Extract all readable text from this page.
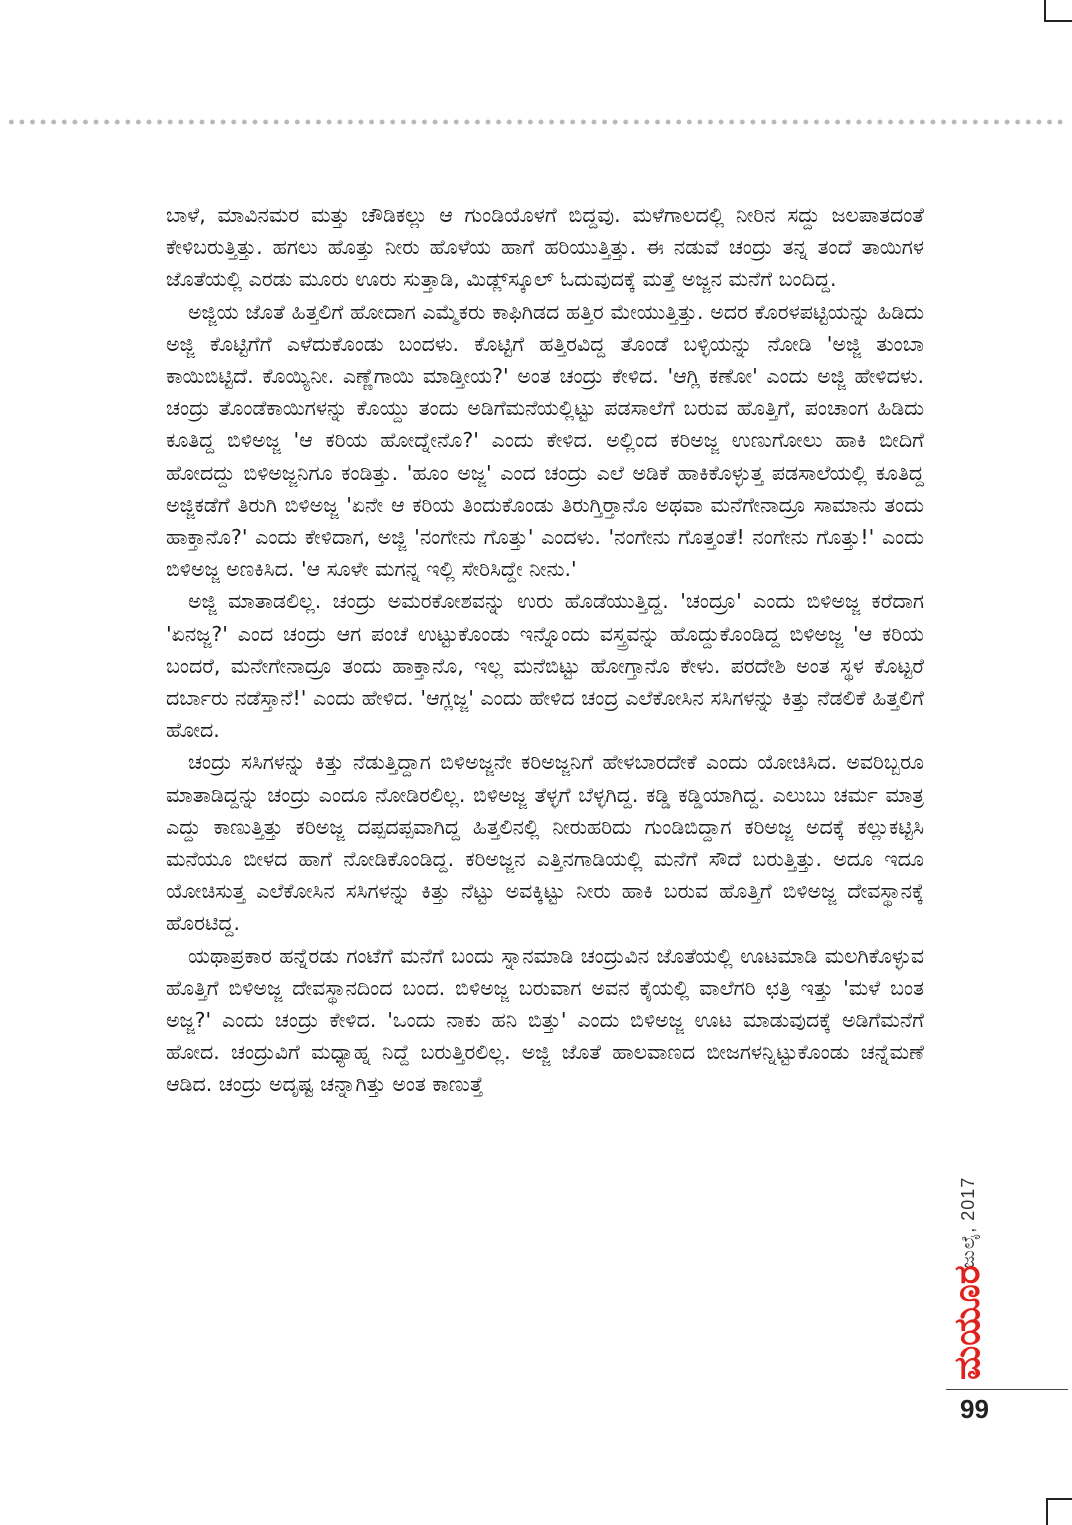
ಬಾಳೆ, ಮಾವಿನಮರ ಮತ್ತು ಚೌಡಿಕಲ್ಲು ಆ ಗುಂಡಿಯೊಳಗೆ ಬಿದ್ದವು. ಮಳೆಗಾಲದಲ್ಲಿ ನೀರಿನ ಸದ್ದು ಜಲಪಾತದಂತೆ ಕೇಳಿಬರುತ್ತಿತ್ತು. ಹಗಲು ಹೊತ್ತು ನೀರು ಹೊಳೆಯ ಹಾಗೆ ಹರಿಯುತ್ತಿತ್ತು. ಈ ನಡುವೆ ಚಂದ್ರು ತನ್ನ ತಂದೆ ತಾಯಿಗಳ ಜೊತೆಯಲ್ಲಿ ಎರಡು ಮೂರು ಊರು ಸುತ್ತಾಡಿ, ಮಿಡ್ಲ್‌ಸ್ಕೂಲ್ ಓದುವುದಕ್ಕೆ ಮತ್ತೆ ಅಜ್ಜನ ಮನೆಗೆ ಬಂದಿದ್ದ.

ಅಜ್ಜಿಯ ಜೊತೆ ಹಿತ್ತಲಿಗೆ ಹೋದಾಗ ಎಮ್ಮೆಕರು ಕಾಫಿಗಿಡದ ಹತ್ತಿರ ಮೇಯುತ್ತಿತ್ತು. ಅದರ ಕೊರಳಪಟ್ಟಿಯನ್ನು ಹಿಡಿದು ಅಜ್ಜಿ ಕೊಟ್ಟಿಗೆಗೆ ಎಳೆದುಕೊಂಡು ಬಂದಳು. ಕೊಟ್ಟಿಗೆ ಹತ್ತಿರವಿದ್ದ ತೊಂಡೆ ಬಳ್ಳಿಯನ್ನು ನೋಡಿ 'ಅಜ್ಜಿ ತುಂಬಾ ಕಾಯಿಬಿಟ್ಟಿದೆ. ಕೊಯ್ಯಿನೀ. ಎಣ್ಣೆಗಾಯಿ ಮಾಡ್ತೀಯ?' ಅಂತ ಚಂದ್ರು ಕೇಳಿದ. 'ಆಗ್ಲಿ ಕಣೋ' ಎಂದು ಅಜ್ಜಿ ಹೇಳಿದಳು. ಚಂದ್ರು ತೊಂಡೆಕಾಯಿಗಳನ್ನು ಕೊಯ್ದು ತಂದು ಅಡಿಗೆಮನೆಯಲ್ಲಿಟ್ಟು ಪಡಸಾಲೆಗೆ ಬರುವ ಹೊತ್ತಿಗೆ, ಪಂಚಾಂಗ ಹಿಡಿದು ಕೂತಿದ್ದ ಬಿಳಿಅಜ್ಜ 'ಆ ಕರಿಯ ಹೋದ್ನೇನೊ?' ಎಂದು ಕೇಳಿದ. ಅಲ್ಲಿಂದ ಕರಿಅಜ್ಜ ಉಣುಗೋಲು ಹಾಕಿ ಬೀದಿಗೆ ಹೋದದ್ದು ಬಿಳಿಅಜ್ಜನಿಗೂ ಕಂಡಿತ್ತು. 'ಹೂಂ ಅಜ್ಜ' ಎಂದ ಚಂದ್ರು ಎಲೆ ಅಡಿಕೆ ಹಾಕಿಕೊಳ್ಳುತ್ತ ಪಡಸಾಲೆಯಲ್ಲಿ ಕೂತಿದ್ದ ಅಜ್ಜಿಕಡೆಗೆ ತಿರುಗಿ ಬಿಳಿಅಜ್ಜ 'ಏನೇ ಆ ಕರಿಯ ತಿಂದುಕೊಂಡು ತಿರುಗ್ತಿರ್‍ತಾನೊ ಅಥವಾ ಮನೆಗೇನಾದ್ರೂ ಸಾಮಾನು ತಂದು ಹಾಕ್ತಾನೊ?' ಎಂದು ಕೇಳಿದಾಗ, ಅಜ್ಜಿ 'ನಂಗೇನು ಗೊತ್ತು' ಎಂದಳು. 'ನಂಗೇನು ಗೊತ್ತಂತೆ! ನಂಗೇನು ಗೊತ್ತು!' ಎಂದು ಬಿಳಿಅಜ್ಜ ಅಣಕಿಸಿದ. 'ಆ ಸೂಳೇ ಮಗನ್ನ ಇಲ್ಲಿ ಸೇರಿಸಿದ್ದೇ ನೀನು.'

ಅಜ್ಜಿ ಮಾತಾಡಲಿಲ್ಲ. ಚಂದ್ರು ಅಮರಕೋಶವನ್ನು ಉರು ಹೊಡೆಯುತ್ತಿದ್ದ. 'ಚಂದ್ರೂ' ಎಂದು ಬಿಳಿಅಜ್ಜ ಕರೆದಾಗ 'ಏನಜ್ಜ?' ಎಂದ ಚಂದ್ರು ಆಗ ಪಂಚೆ ಉಟ್ಟುಕೊಂಡು ಇನ್ನೊಂದು ವಸ್ತ್ರವನ್ನು ಹೊದ್ದುಕೊಂಡಿದ್ದ ಬಿಳಿಅಜ್ಜ 'ಆ ಕರಿಯ ಬಂದರೆ, ಮನೇಗೇನಾದ್ರೂ ತಂದು ಹಾಕ್ತಾನೊ, ಇಲ್ಲ ಮನೆಬಿಟ್ಟು ಹೋಗ್ತಾನೊ ಕೇಳು. ಪರದೇಶಿ ಅಂತ ಸ್ಥಳ ಕೊಟ್ಟರೆ ದರ್ಬಾರು ನಡೆಸ್ತಾನೆ!' ಎಂದು ಹೇಳಿದ. 'ಆಗ್ಲಜ್ಜ' ಎಂದು ಹೇಳಿದ ಚಂದ್ರ ಎಲೆಕೋಸಿನ ಸಸಿಗಳನ್ನು ಕಿತ್ತು ನೆಡಲಿಕೆ ಹಿತ್ತಲಿಗೆ ಹೋದ.

ಚಂದ್ರು ಸಸಿಗಳನ್ನು ಕಿತ್ತು ನೆಡುತ್ತಿದ್ದಾಗ ಬಿಳಿಅಜ್ಜನೇ ಕರಿಅಜ್ಜನಿಗೆ ಹೇಳಬಾರದೇಕೆ ಎಂದು ಯೋಚಿಸಿದ. ಅವರಿಬ್ಬರೂ ಮಾತಾಡಿದ್ದನ್ನು ಚಂದ್ರು ಎಂದೂ ನೋಡಿರಲಿಲ್ಲ. ಬಿಳಿಅಜ್ಜ ತೆಳ್ಳಗೆ ಬೆಳ್ಳಗಿದ್ದ. ಕಡ್ಡಿ ಕಡ್ಡಿಯಾಗಿದ್ದ. ಎಲುಬು ಚರ್ಮ ಮಾತ್ರ ಎದ್ದು ಕಾಣುತ್ತಿತ್ತು ಕರಿಅಜ್ಜ ದಪ್ಪದಪ್ಪವಾಗಿದ್ದ ಹಿತ್ತಲಿನಲ್ಲಿ ನೀರುಹರಿದು ಗುಂಡಿಬಿದ್ದಾಗ ಕರಿಅಜ್ಜ ಅದಕ್ಕೆ ಕಲ್ಲುಕಟ್ಟಿಸಿ ಮನೆಯೂ ಬೀಳದ ಹಾಗೆ ನೋಡಿಕೊಂಡಿದ್ದ. ಕರಿಅಜ್ಜನ ಎತ್ತಿನಗಾಡಿಯಲ್ಲಿ ಮನೆಗೆ ಸೌದೆ ಬರುತ್ತಿತ್ತು. ಅದೂ ಇದೂ ಯೋಚಿಸುತ್ತ ಎಲೆಕೋಸಿನ ಸಸಿಗಳನ್ನು ಕಿತ್ತು ನೆಟ್ಟು ಅವಕ್ಕಿಟ್ಟು ನೀರು ಹಾಕಿ ಬರುವ ಹೊತ್ತಿಗೆ ಬಿಳಿಅಜ್ಜ ದೇವಸ್ಥಾನಕ್ಕೆ ಹೊರಟಿದ್ದ.

ಯಥಾಪ್ರಕಾರ ಹನ್ನೆರಡು ಗಂಟೆಗೆ ಮನೆಗೆ ಬಂದು ಸ್ನಾನಮಾಡಿ ಚಂದ್ರುವಿನ ಜೊತೆಯಲ್ಲಿ ಊಟಮಾಡಿ ಮಲಗಿಕೊಳ್ಳುವ ಹೊತ್ತಿಗೆ ಬಿಳಿಅಜ್ಜ ದೇವಸ್ಥಾನದಿಂದ ಬಂದ. ಬಿಳಿಅಜ್ಜ ಬರುವಾಗ ಅವನ ಕೈಯಲ್ಲಿ ವಾಲೆಗರಿ ಛತ್ರಿ ಇತ್ತು 'ಮಳೆ ಬಂತ ಅಜ್ಜ?' ಎಂದು ಚಂದ್ರು ಕೇಳಿದ. 'ಒಂದು ನಾಕು ಹನಿ ಬಿತ್ತು' ಎಂದು ಬಿಳಿಅಜ್ಜ ಊಟ ಮಾಡುವುದಕ್ಕೆ ಅಡಿಗೆಮನೆಗೆ ಹೋದ. ಚಂದ್ರುವಿಗೆ ಮಧ್ಯಾಹ್ನ ನಿದ್ದೆ ಬರುತ್ತಿರಲಿಲ್ಲ. ಅಜ್ಜಿ ಜೊತೆ ಹಾಲವಾಣದ ಬೀಜಗಳನ್ನಿಟ್ಟುಕೊಂಡು ಚನ್ನೆಮಣೆ ಆಡಿದ. ಚಂದ್ರು ಅದೃಷ್ಟ ಚನ್ನಾಗಿತ್ತು ಅಂತ ಕಾಣುತ್ತೆ

ಜುಲೈ, 2017
ಮಯೂರ
99
